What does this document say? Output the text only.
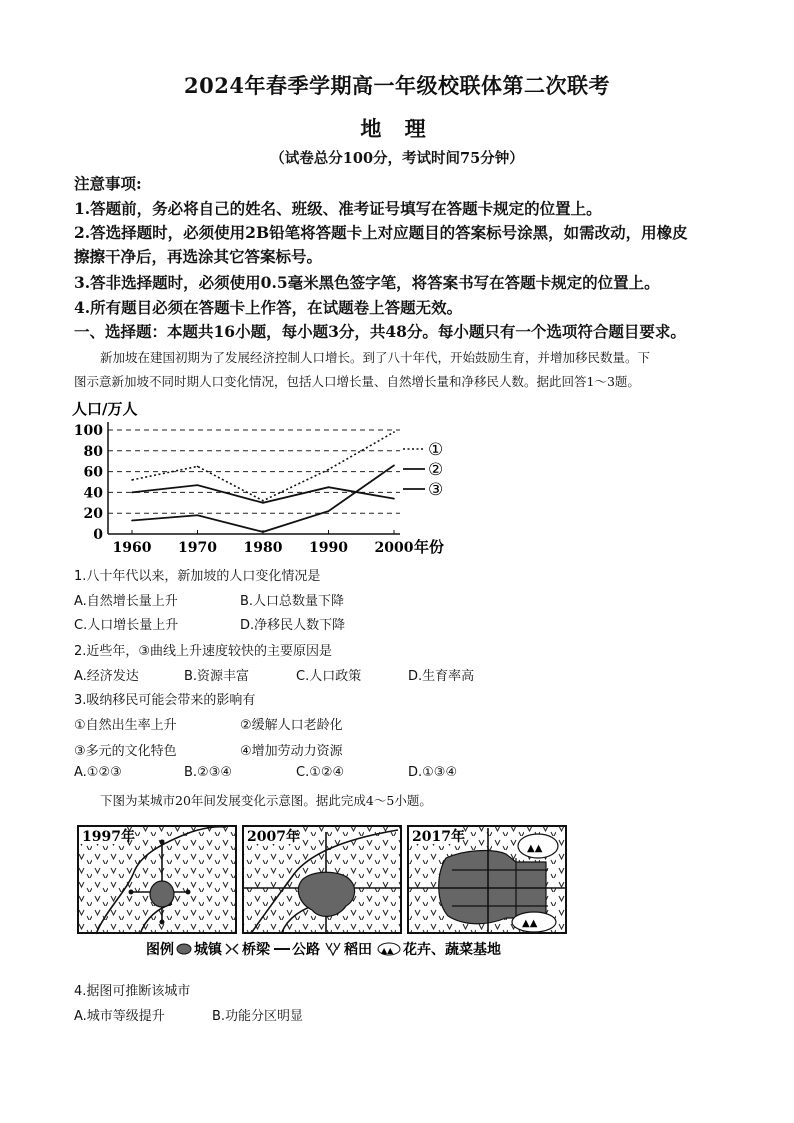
2024年春季学期高一年级校联体第二次联考
地 理
（试卷总分100分，考试时间75分钟）
注意事项:
1.答题前，务必将自己的姓名、班级、准考证号填写在答题卡规定的位置上。
2.答选择题时，必须使用2B铅笔将答题卡上对应题目的答案标号涂黑，如需改动，用橡皮
擦擦干净后，再选涂其它答案标号。
3.答非选择题时，必须使用0.5毫米黑色签字笔，将答案书写在答题卡规定的位置上。
4.所有题目必须在答题卡上作答，在试题卷上答题无效。
一、选择题：本题共16小题，每小题3分，共48分。每小题只有一个选项符合题目要求。
新加坡在建国初期为了发展经济控制人口增长。到了八十年代，开始鼓励生育，并增加移民数量。下
图示意新加坡不同时期人口变化情况，包括人口增长量、自然增长量和净移民人数。据此回答1～3题。
人口/万人
100
80
60
40
20
0
1960 1970 1980 1990 2000 年份
①
②
③
1.八十年代以来，新加坡的人口变化情况是
A.自然增长量上升	B.人口总数量下降
C.人口增长量上升	D.净移民人数下降
2.近些年，③曲线上升速度较快的主要原因是
A.经济发达	B.资源丰富	C.人口政策	D.生育率高
3.吸纳移民可能会带来的影响有
①自然出生率上升	②缓解人口老龄化
③多元的文化特色	④增加劳动力资源
A.①②③	B.②③④	C.①②④	D.①③④
下图为某城市20年间发展变化示意图。据此完成4～5小题。
1997年	2007年
▲▲
▲▲
2017年
图例 城镇 桥梁 公路 稻田 ▲▲ 花卉、蔬菜基地
4.据图可推断该城市
A.城市等级提升	B.功能分区明显
